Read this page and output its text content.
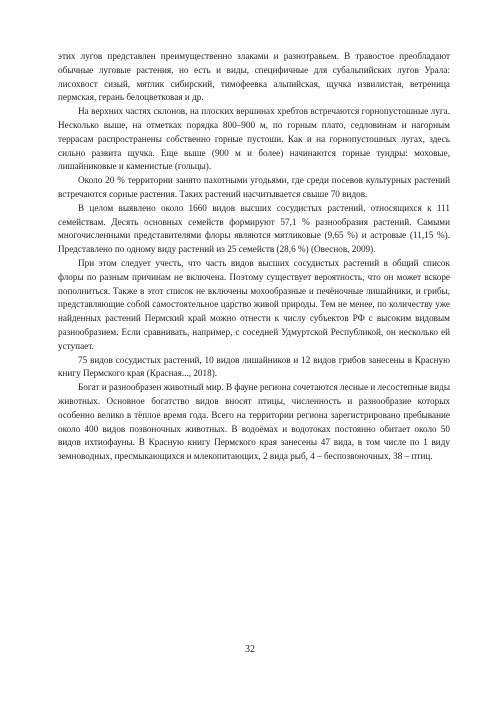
этих лугов представлен преимущественно злаками и разнотравьем. В травостое преобладают обычные луговые растения, но есть и виды, специфичные для субальпийских лугов Урала: лисохвост сизый, мятлик сибирский, тимофеевка альпийская, щучка извилистая, ветреница пермская, герань белоцветковая и др.

На верхних частях склонов, на плоских вершинах хребтов встречаются горнопустошные луга. Несколько выше, на отметках порядка 800–900 м, по горным плато, седловинам и нагорным террасам распространены собственно горные пустоши. Как и на горнопустошных лугах, здесь сильно развита щучка. Еще выше (900 м и более) начинаются горные тундры: моховые, лишайниковые и каменистые (гольцы).

Около 20 % территории занято пахотными угодьями, где среди посевов культурных растений встречаются сорные растения. Таких растений насчитывается свыше 70 видов.

В целом выявлено около 1660 видов высших сосудистых растений, относящихся к 111 семействам. Десять основных семейств формируют 57,1 % разнообразия растений. Самыми многочисленными представителями флоры являются мятликовые (9,65 %) и астровые (11,15 %). Представлено по одному виду растений из 25 семейств (28,6 %) (Овеснов, 2009).

При этом следует учесть, что часть видов высших сосудистых растений в общий список флоры по разным причинам не включена. Поэтому существует вероятность, что он может вскоре пополниться. Также в этот список не включены мохообразные и печёночные лишайники, и грибы, представляющие собой самостоятельное царство живой природы. Тем не менее, по количеству уже найденных растений Пермский край можно отнести к числу субъектов РФ с высоким видовым разнообразием. Если сравнивать, например, с соседней Удмуртской Республикой, он несколько ей уступает.

75 видов сосудистых растений, 10 видов лишайников и 12 видов грибов занесены в Красную книгу Пермского края (Красная..., 2018).

Богат и разнообразен животный мир. В фауне региона сочетаются лесные и лесостепные виды животных. Основное богатство видов вносят птицы, численность и разнообразие которых особенно велико в тёплое время года. Всего на территории региона зарегистрировано пребывание около 400 видов позвоночных животных. В водоёмах и водотоках постоянно обитает около 50 видов ихтиофауны. В Красную книгу Пермского края занесены 47 вида, в том числе по 1 виду земноводных, пресмыкающихся и млекопитающих, 2 вида рыб, 4 – беспозвоночных, 38 – птиц.

32
